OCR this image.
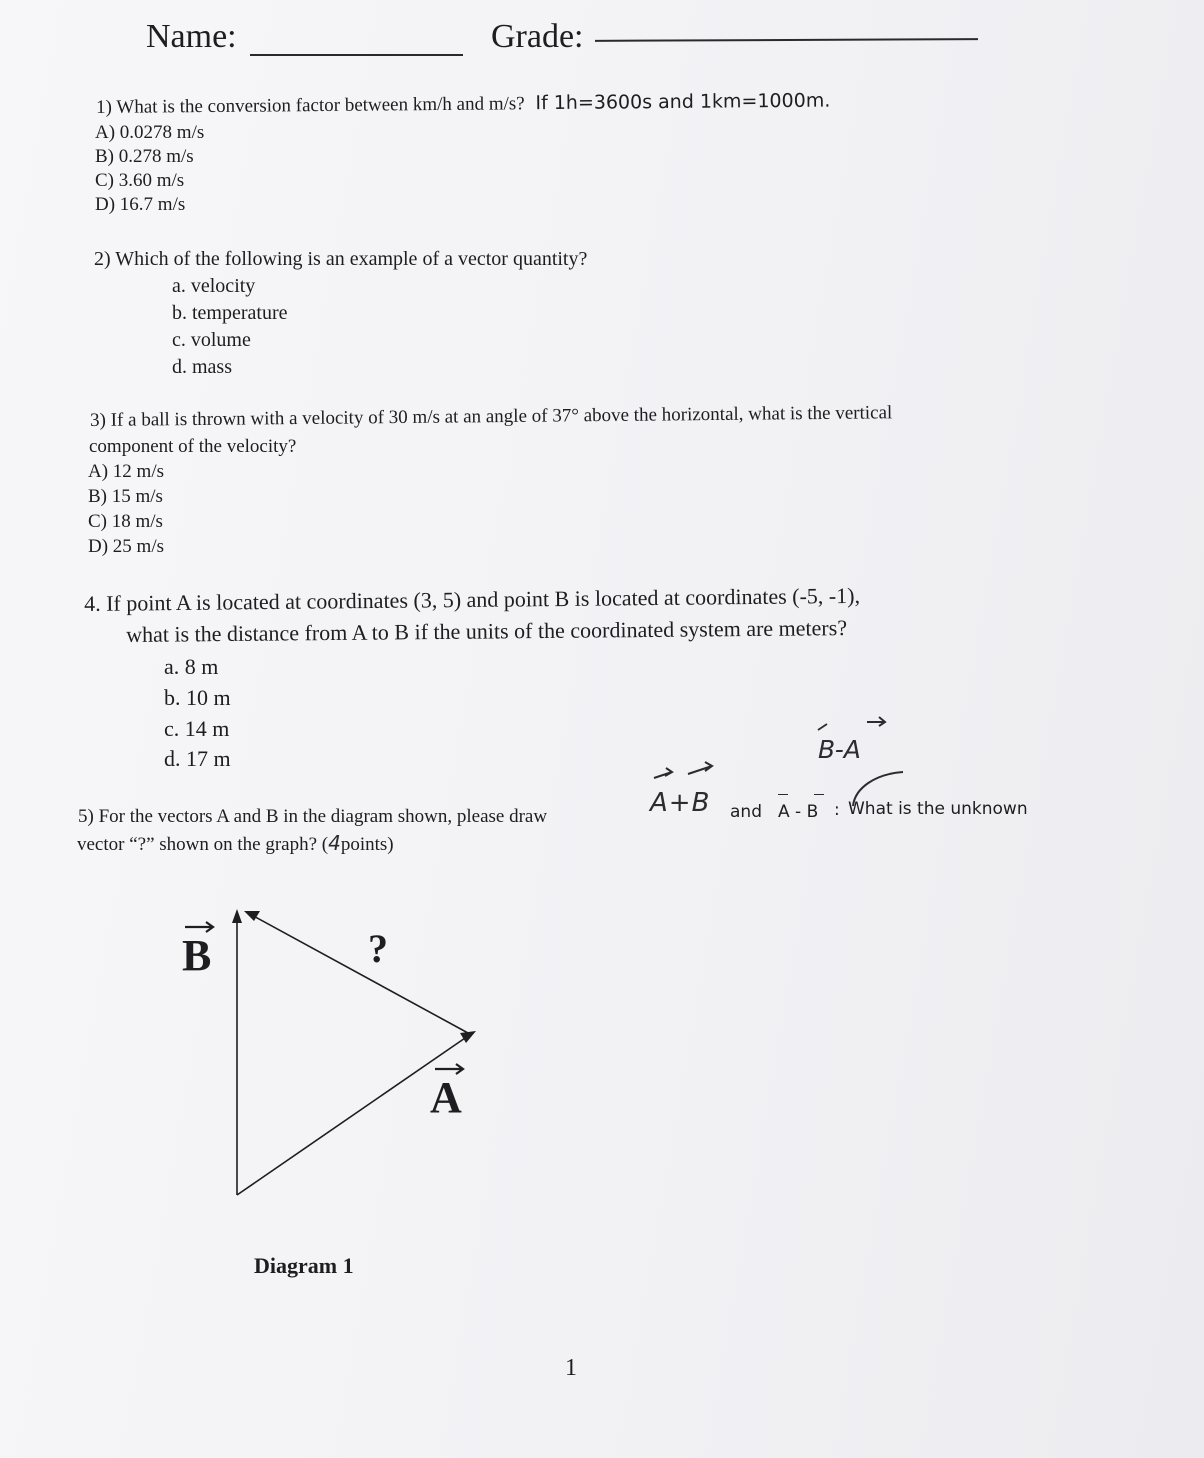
Name:	Grade:
1) What is the conversion factor between km/h and m/s? If 1h=3600s and 1km=1000m.
A) 0.0278 m/s
B) 0.278 m/s
C) 3.60 m/s
D) 16.7 m/s
2) Which of the following is an example of a vector quantity?
a. velocity
b. temperature
c. volume
d. mass
3) If a ball is thrown with a velocity of 30 m/s at an angle of 37° above the horizontal, what is the vertical
component of the velocity?
A) 12 m/s
B) 15 m/s
C) 18 m/s
D) 25 m/s
4. If point A is located at coordinates (3, 5) and point B is located at coordinates (-5, -1),
what is the distance from A to B if the units of the coordinated system are meters?
a. 8 m
b. 10 m
c. 14 m
d. 17 m
5) For the vectors A and B in the diagram shown, please draw	A+B and A - B : What is the unknown
B-A
vector “?” shown on the graph? (4points)
B	?
A
Diagram 1
1
